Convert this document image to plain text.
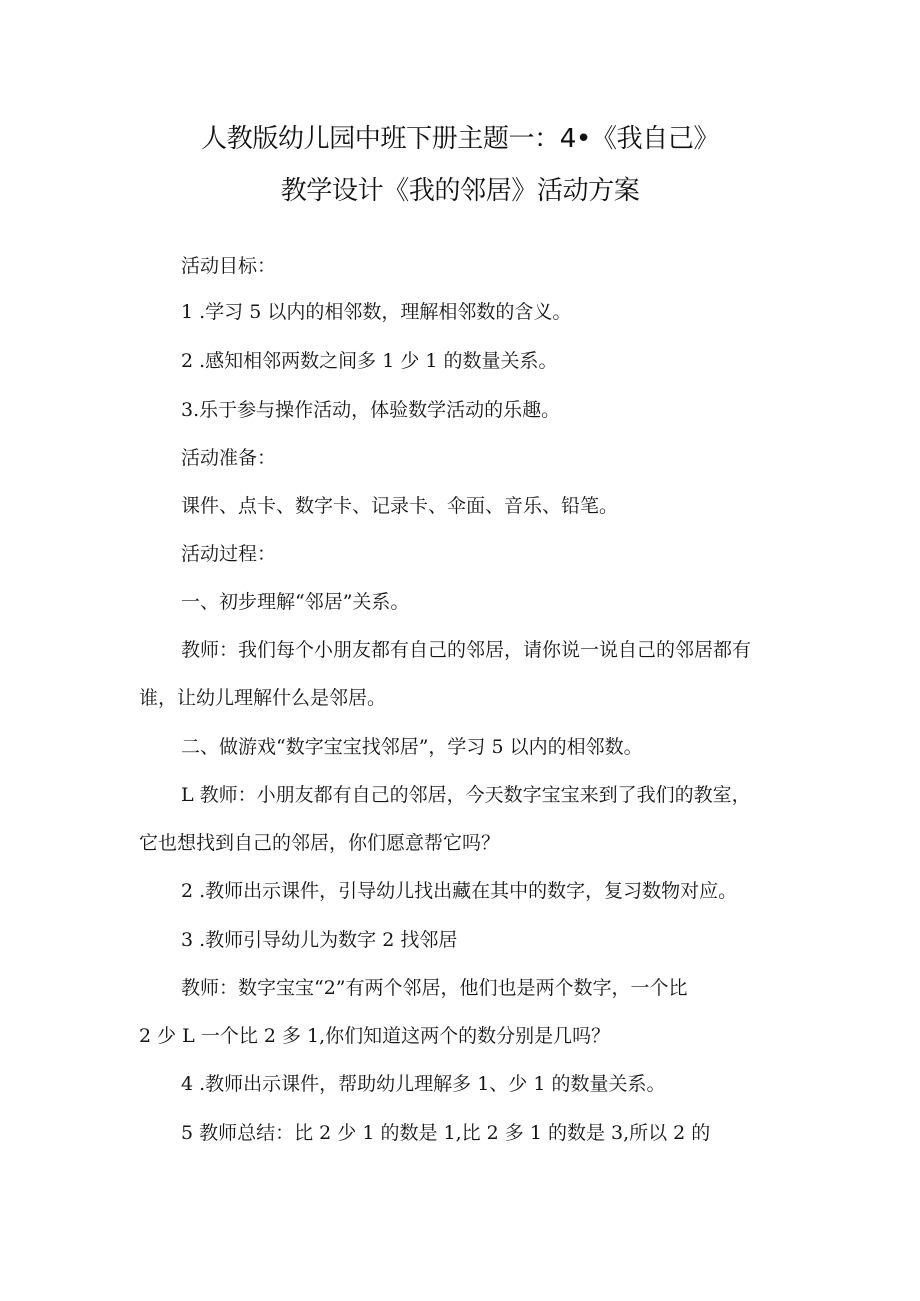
人教版幼儿园中班下册主题一：4•《我自己》
教学设计《我的邻居》活动方案
活动目标：
1 .学习 5 以内的相邻数，理解相邻数的含义。
2 .感知相邻两数之间多 1 少 1 的数量关系。
3.乐于参与操作活动，体验数学活动的乐趣。
活动准备：
课件、点卡、数字卡、记录卡、伞面、音乐、铅笔。
活动过程：
一、初步理解“邻居”关系。
教师：我们每个小朋友都有自己的邻居，请你说一说自己的邻居都有
谁，让幼儿理解什么是邻居。
二、做游戏“数字宝宝找邻居”，学习 5 以内的相邻数。
L 教师：小朋友都有自己的邻居，今天数字宝宝来到了我们的教室，
它也想找到自己的邻居，你们愿意帮它吗？
2 .教师出示课件，引导幼儿找出藏在其中的数字，复习数物对应。
3 .教师引导幼儿为数字 2 找邻居
教师：数字宝宝“2”有两个邻居，他们也是两个数字，一个比
2 少 L 一个比 2 多 1,你们知道这两个的数分别是几吗？
4 .教师出示课件，帮助幼儿理解多 1、少 1 的数量关系。
5 教师总结：比 2 少 1 的数是 1,比 2 多 1 的数是 3,所以 2 的
